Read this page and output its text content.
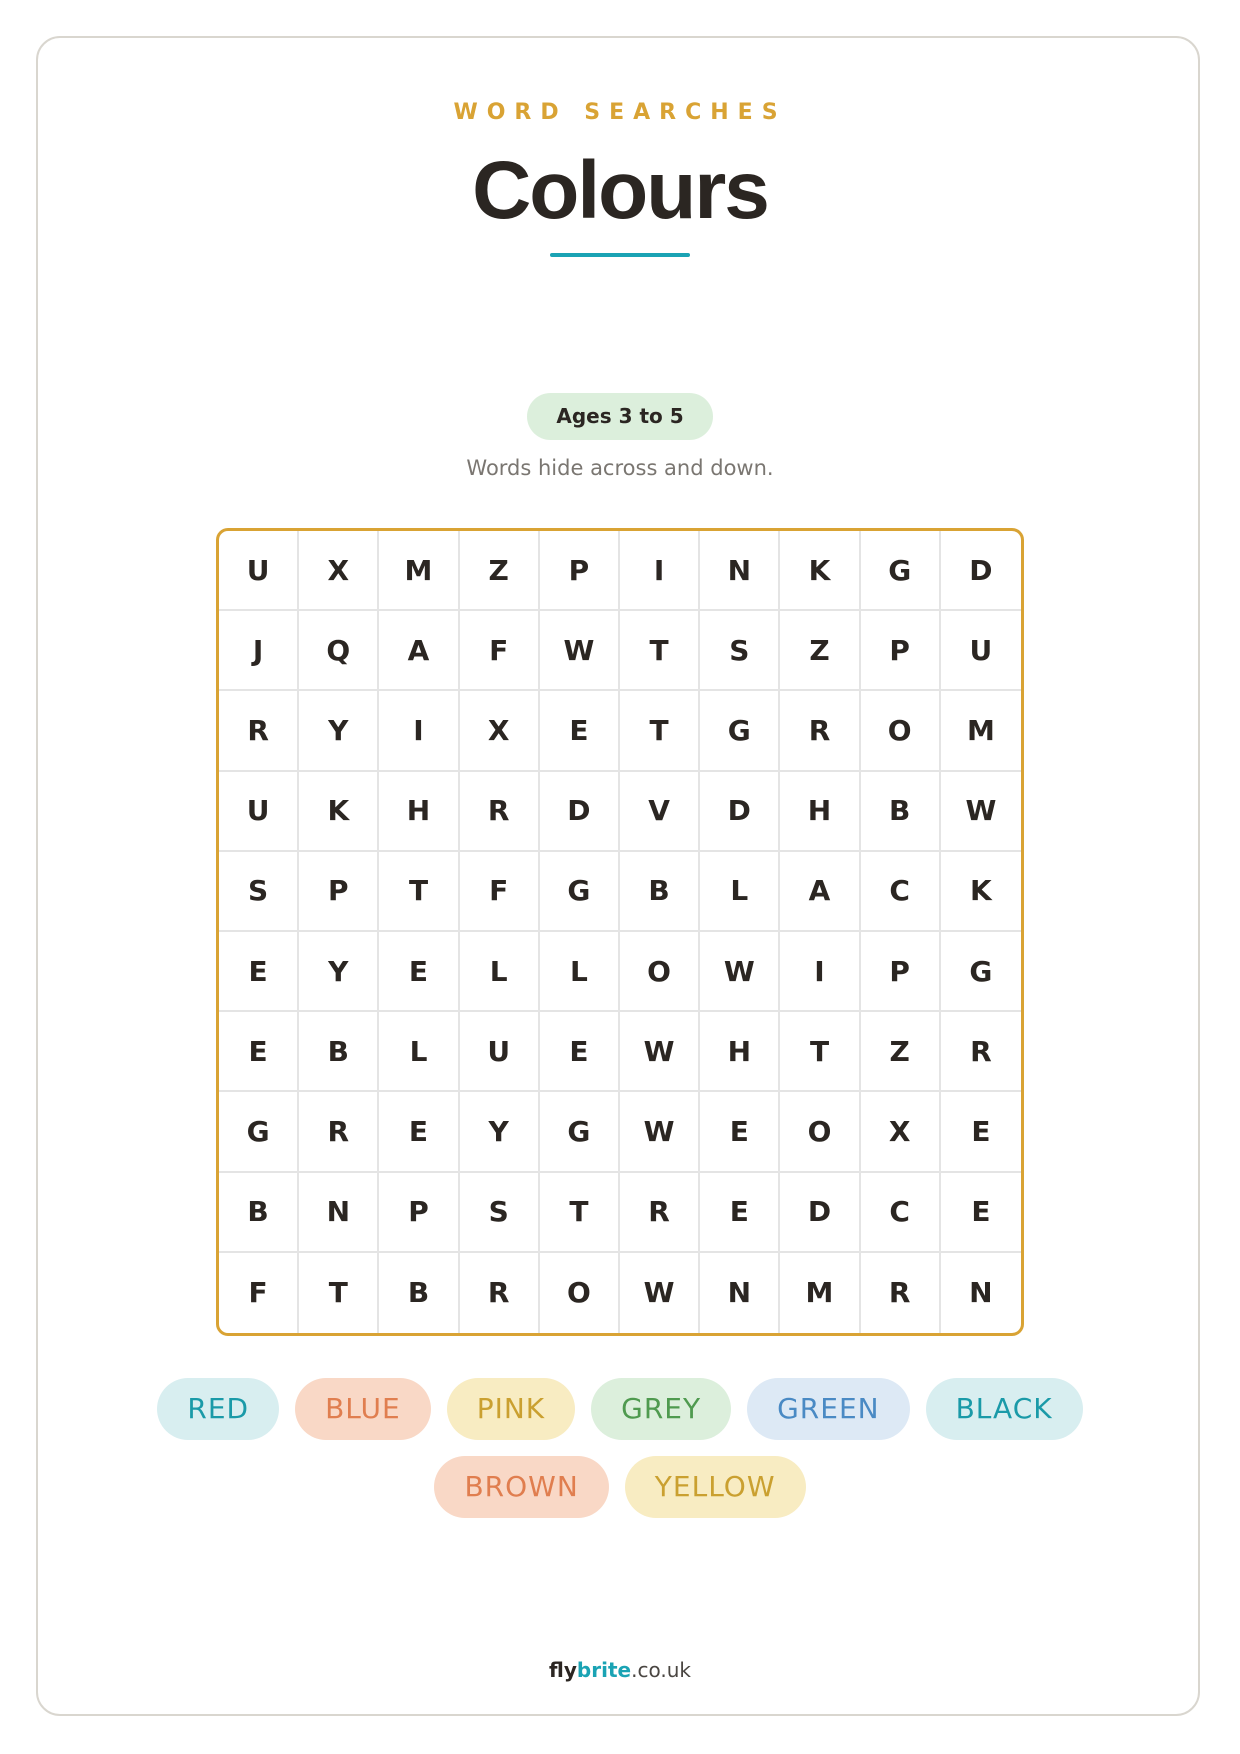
WORD SEARCHES
Colours
Ages 3 to 5
Words hide across and down.
U	X	M	Z	P	I	N	K	G	D
J	Q	A	F	W	T	S	Z	P	U
R	Y	I	X	E	T	G	R	O	M
U	K	H	R	D	V	D	H	B	W
S	P	T	F	G	B	L	A	C	K
E	Y	E	L	L	O	W	I	P	G
E	B	L	U	E	W	H	T	Z	R
G	R	E	Y	G	W	E	O	X	E
B	N	P	S	T	R	E	D	C	E
F	T	B	R	O	W	N	M	R	N
RED	BLUE	PINK	GREY	GREEN	BLACK
BROWN	YELLOW
flybrite.co.uk
